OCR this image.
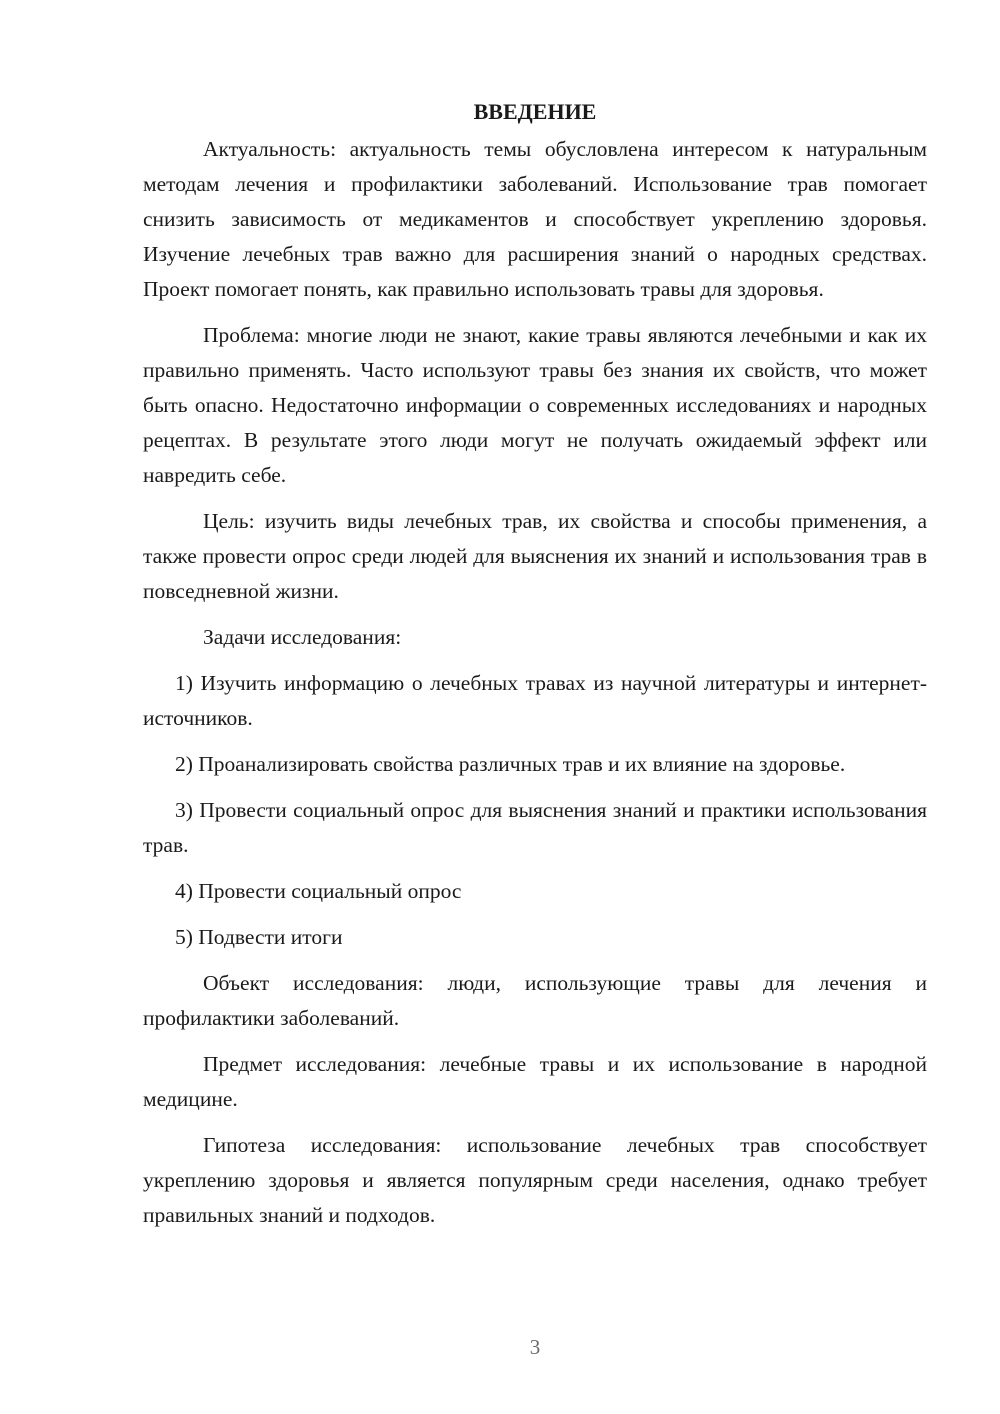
ВВЕДЕНИЕ

Актуальность: актуальность темы обусловлена интересом к натуральным методам лечения и профилактики заболеваний. Использование трав помогает снизить зависимость от медикаментов и способствует укреплению здоровья. Изучение лечебных трав важно для расширения знаний о народных средствах. Проект помогает понять, как правильно использовать травы для здоровья.

Проблема: многие люди не знают, какие травы являются лечебными и как их правильно применять. Часто используют травы без знания их свойств, что может быть опасно. Недостаточно информации о современных исследованиях и народных рецептах. В результате этого люди могут не получать ожидаемый эффект или навредить себе.

Цель: изучить виды лечебных трав, их свойства и способы применения, а также провести опрос среди людей для выяснения их знаний и использования трав в повседневной жизни.

Задачи исследования:

1) Изучить информацию о лечебных травах из научной литературы и интернет-источников.

2) Проанализировать свойства различных трав и их влияние на здоровье.

3) Провести социальный опрос для выяснения знаний и практики использования трав.

4) Провести социальный опрос

5) Подвести итоги

Объект исследования: люди, использующие травы для лечения и профилактики заболеваний.

Предмет исследования: лечебные травы и их использование в народной медицине.

Гипотеза исследования: использование лечебных трав способствует укреплению здоровья и является популярным среди населения, однако требует правильных знаний и подходов.

3
